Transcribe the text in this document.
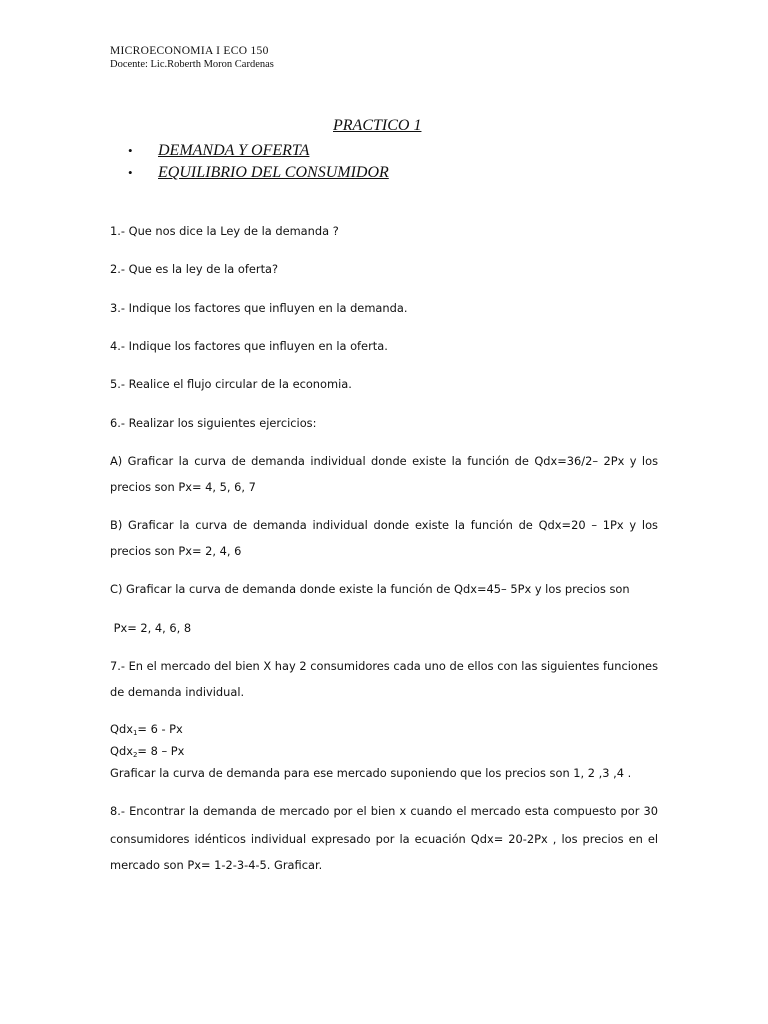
MICROECONOMIA I ECO 150
Docente: Lic.Roberth Moron Cardenas
PRACTICO 1
• DEMANDA Y OFERTA
• EQUILIBRIO DEL CONSUMIDOR
1.- Que nos dice la Ley de la demanda ?
2.- Que es la ley de la oferta?
3.- Indique los factores que influyen en la demanda.
4.- Indique los factores que influyen en la oferta.
5.- Realice el flujo circular de la economia.
6.- Realizar los siguientes ejercicios:
A) Graficar la curva de demanda individual donde existe la función de Qdx=36/2– 2Px y los
precios son Px= 4, 5, 6, 7
B) Graficar la curva de demanda individual donde existe la función de Qdx=20 – 1Px y los
precios son Px= 2, 4, 6
C) Graficar la curva de demanda donde existe la función de Qdx=45– 5Px y los precios son
Px= 2, 4, 6, 8
7.- En el mercado del bien X hay 2 consumidores cada uno de ellos con las siguientes funciones
de demanda individual.
Qdx$_1$= 6 - Px
Qdx$_2$= 8 – Px
Graficar la curva de demanda para ese mercado suponiendo que los precios son 1, 2 ,3 ,4 .
8.- Encontrar la demanda de mercado por el bien x cuando el mercado esta compuesto por 30
consumidores idénticos individual expresado por la ecuación Qdx= 20-2Px , los precios en el
mercado son Px= 1-2-3-4-5. Graficar.
